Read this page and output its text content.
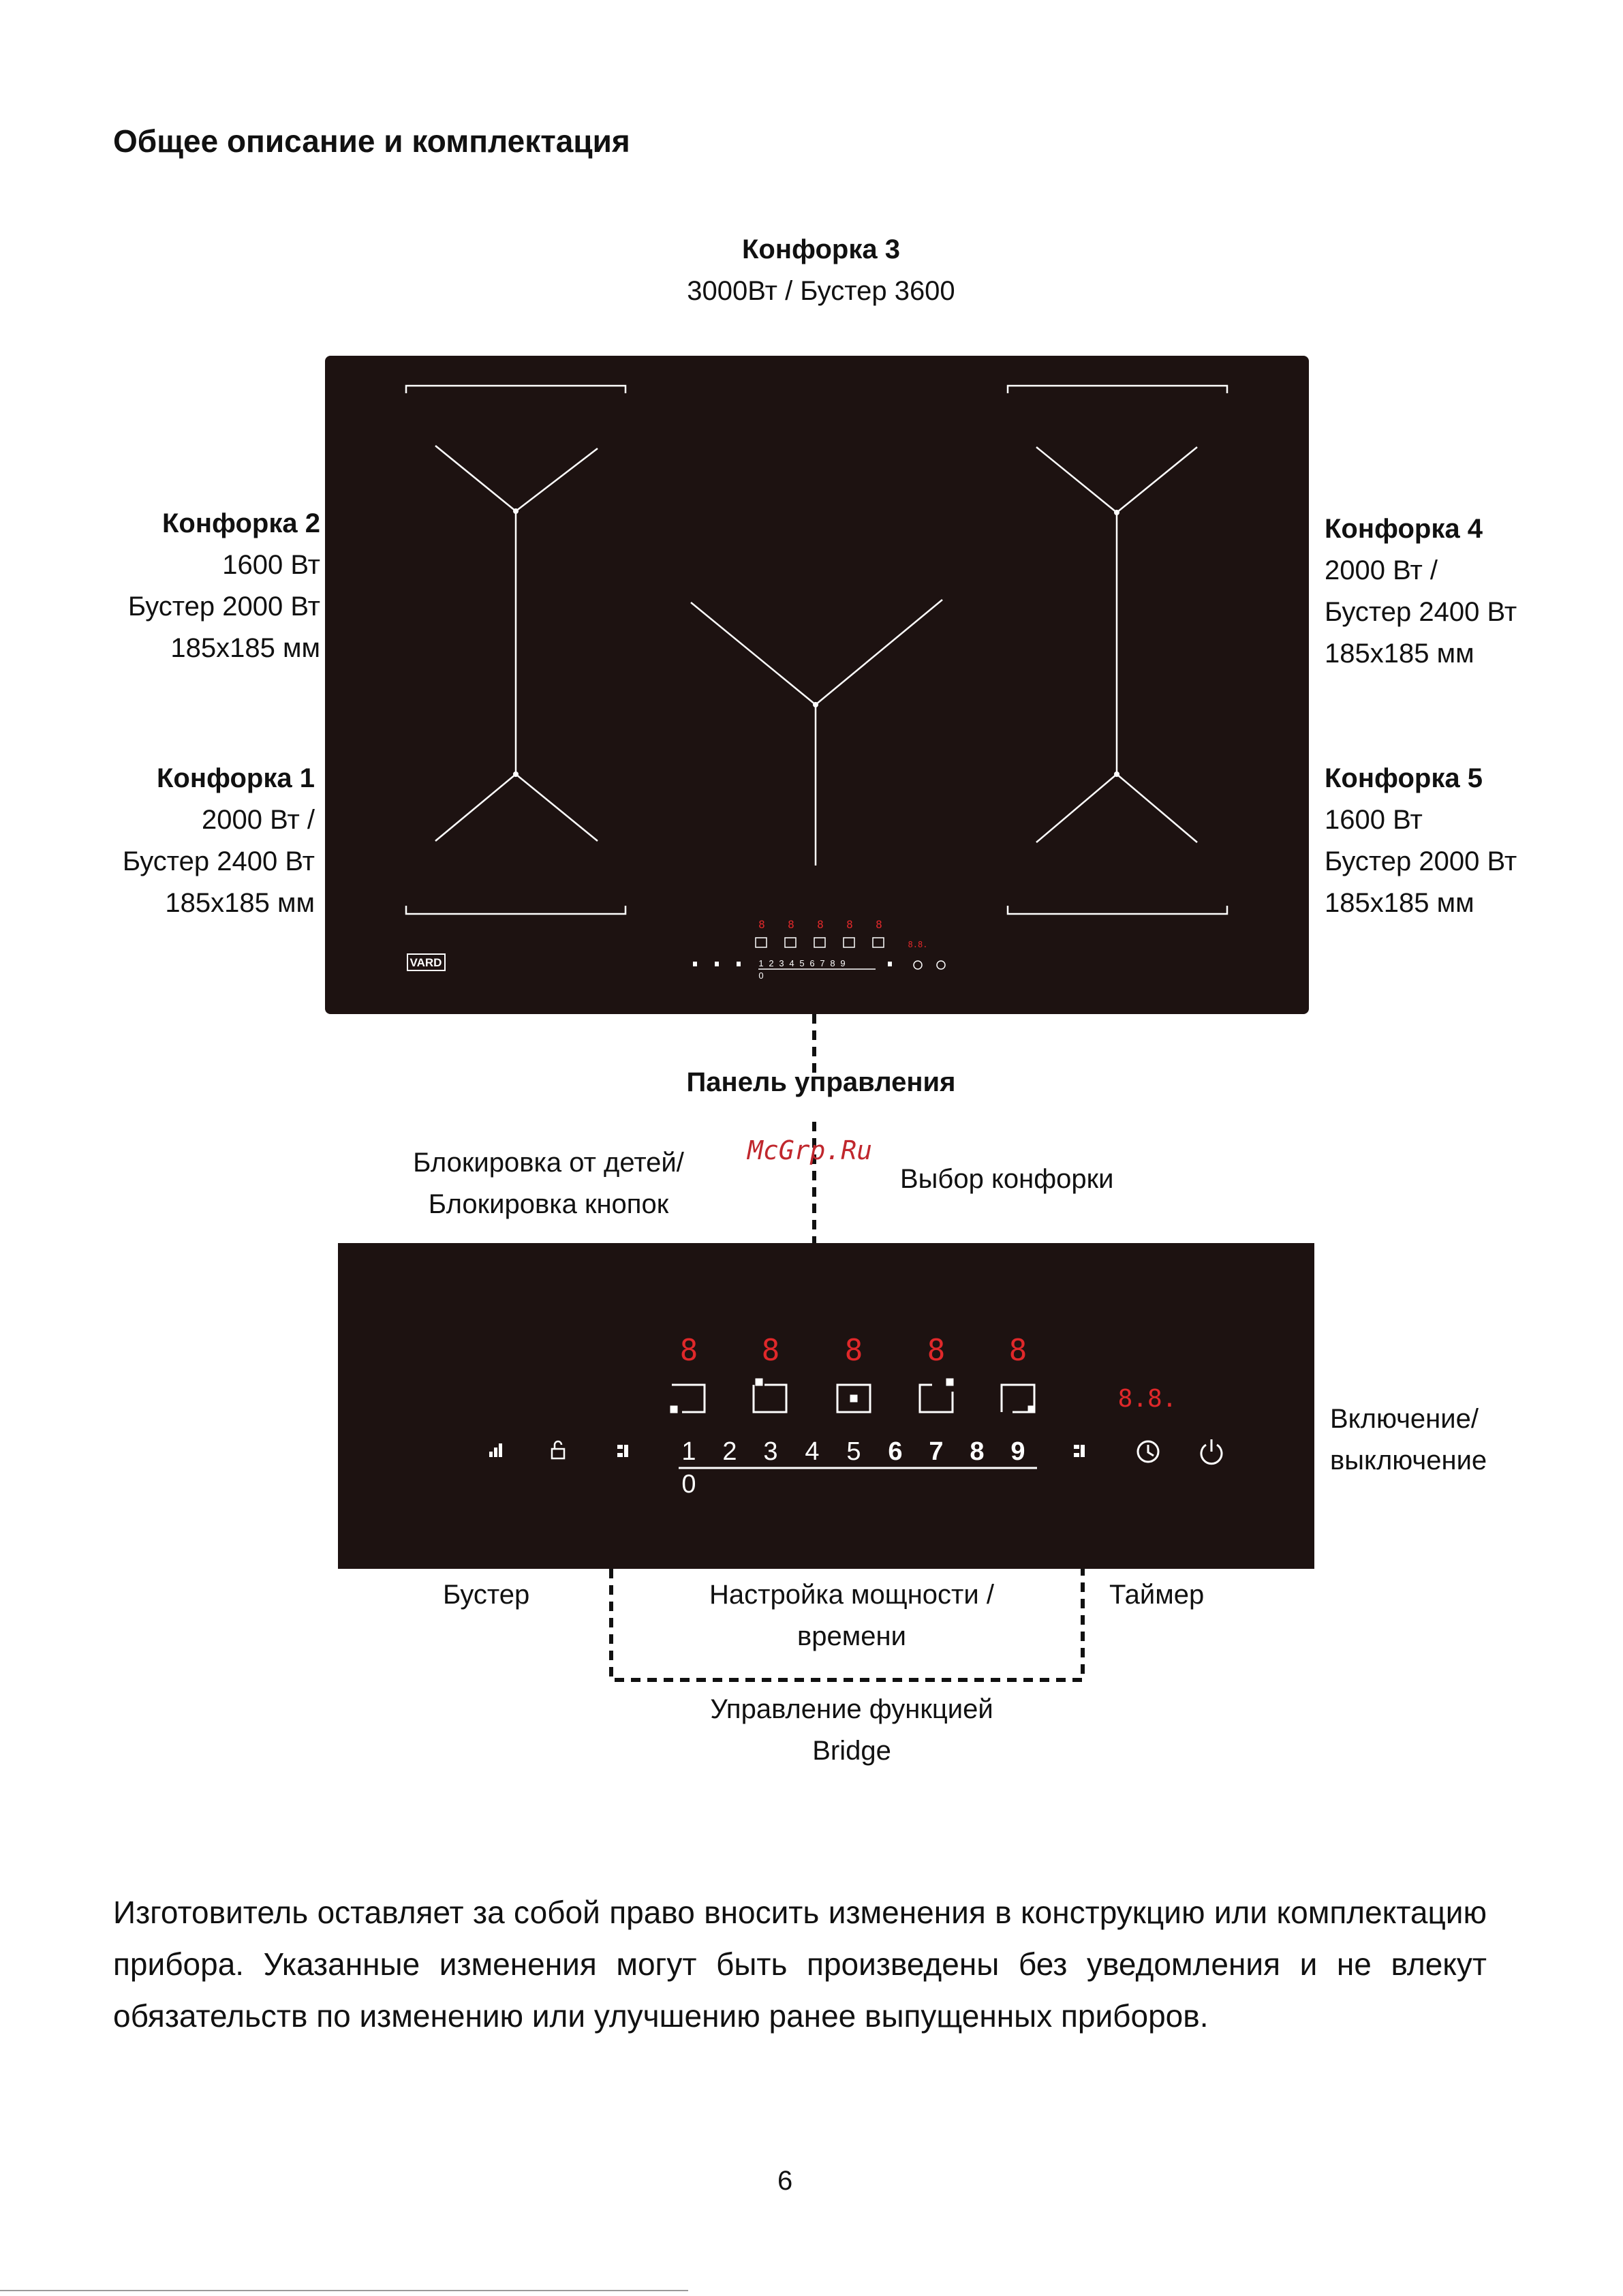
Общее описание и комплектация
Конфорка 3
3000Вт / Бустер 3600
Конфорка 2
1600 Вт
Бустер 2000 Вт
185х185 мм
Конфорка 1
2000 Вт /
Бустер 2400 Вт
185х185 мм
Конфорка 4
2000 Вт /
Бустер 2400 Вт
185х185 мм
Конфорка 5
1600 Вт
Бустер 2000 Вт
185х185 мм
VARD
8 8 8 8 8
8.8.
1 2 3 4 5 6 7 8 9
0
Панель управления
McGrp.Ru
Блокировка от детей/
Блокировка кнопок
Выбор конфорки
8 8 8 8 8
8.8.
1 2 3 4 5 6 7 8 9
0
Включение/
выключение
Бустер	Настройка мощности /
времени
Таймер
Управление функцией
Bridge
Изготовитель оставляет за собой право вносить изменения в конструкцию или комплектацию прибора. Указанные изменения могут быть произведены без уведомления и не влекут обязательств по изменению или улучшению ранее выпущенных приборов.
6
